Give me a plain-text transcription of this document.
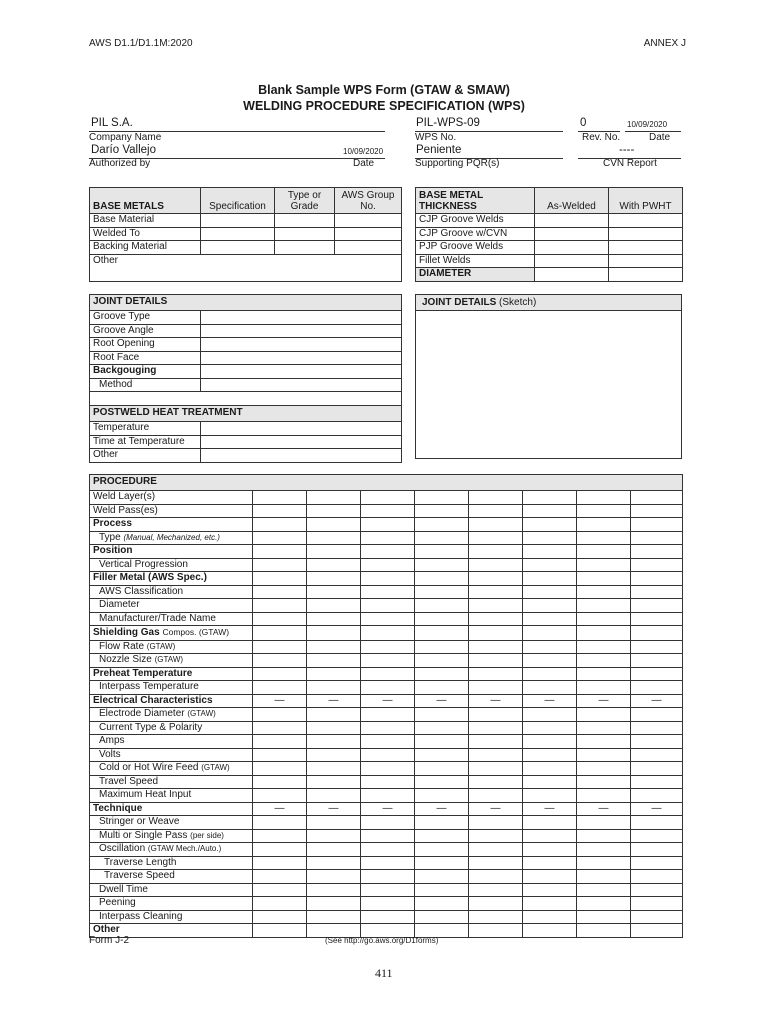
AWS D1.1/D1.1M:2020	ANNEX J
Blank Sample WPS Form (GTAW & SMAW)
WELDING PROCEDURE SPECIFICATION (WPS)
PIL S.A.
Company Name
PIL-WPS-09
WPS No.
0
Rev. No.
10/09/2020
Date
Darío Vallejo
Authorized by
10/09/2020
Date
Peniente
Supporting PQR(s)
----
CVN Report
BASE METALS	Specification	Type or Grade	AWS Group No.
Base Material			
Welded To			
Backing Material			
Other			
BASE METAL THICKNESS	As-Welded	With PWHT
CJP Groove Welds		
CJP Groove w/CVN		
PJP Groove Welds		
Fillet Welds		
DIAMETER		
JOINT DETAILS	
Groove Type	
Groove Angle	
Root Opening	
Root Face	
Backgouging	
Method	

POSTWELD HEAT TREATMENT	
Temperature	
Time at Temperature	
Other	
JOINT DETAILS (Sketch)
PROCEDURE								
Weld Layer(s)								
Weld Pass(es)								
Process								
Type (Manual, Mechanized, etc.)								
Position								
Vertical Progression								
Filler Metal (AWS Spec.)								
AWS Classification								
Diameter								
Manufacturer/Trade Name								
Shielding Gas Compos. (GTAW)								
Flow Rate (GTAW)								
Nozzle Size (GTAW)								
Preheat Temperature								
Interpass Temperature								
Electrical Characteristics	—	—	—	—	—	—	—	—
Electrode Diameter (GTAW)								
Current Type & Polarity								
Amps								
Volts								
Cold or Hot Wire Feed (GTAW)								
Travel Speed								
Maximum Heat Input								
Technique	—	—	—	—	—	—	—	—
Stringer or Weave								
Multi or Single Pass (per side)								
Oscillation (GTAW Mech./Auto.)								
Traverse Length								
Traverse Speed								
Dwell Time								
Peening								
Interpass Cleaning								
Other								
Form J-2	(See http://go.aws.org/D1forms)
411
